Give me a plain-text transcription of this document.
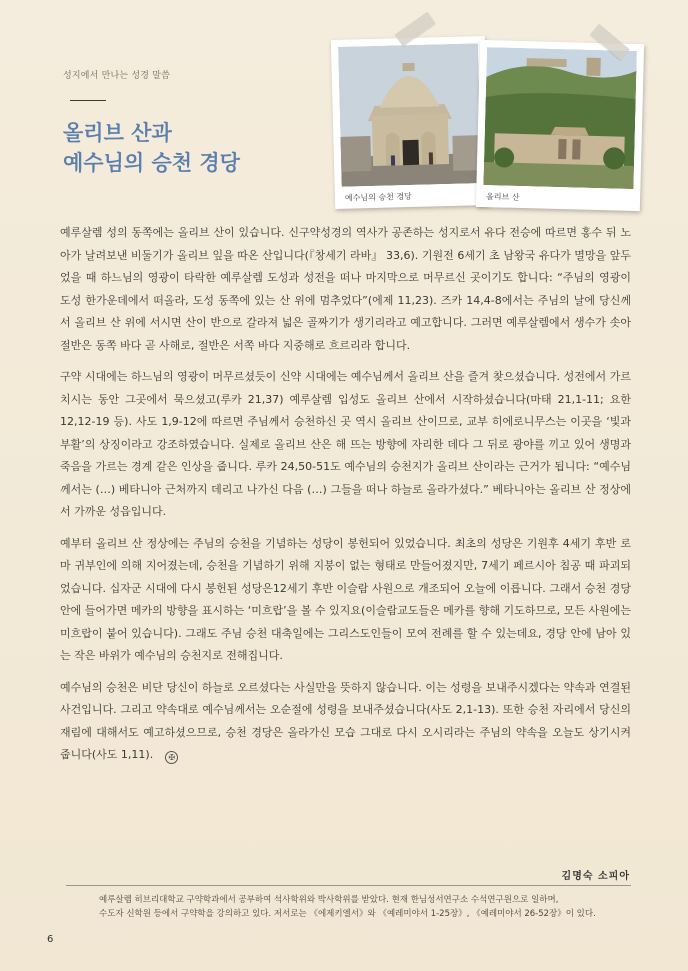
성지에서 만나는 성경 말씀
올리브 산과
예수님의 승천 경당
예수님의 승천 경당	올리브 산

예루살렘 성의 동쪽에는 올리브 산이 있습니다. 신구약성경의 역사가 공존하는 성지로서 유다 전승에 따르면 홍수 뒤 노아가 날려보낸 비둘기가 올리브 잎을 따온 산입니다(『창세기 라바』 33,6). 기원전 6세기 초 남왕국 유다가 멸망을 앞두었을 때 하느님의 영광이 타락한 예루살렘 도성과 성전을 떠나 마지막으로 머무르신 곳이기도 합니다: “주님의 영광이 도성 한가운데에서 떠올라, 도성 동쪽에 있는 산 위에 멈추었다”(에제 11,23). 즈카 14,4-8에서는 주님의 날에 당신께서 올리브 산 위에 서시면 산이 반으로 갈라져 넓은 골짜기가 생기리라고 예고합니다. 그러면 예루살렘에서 생수가 솟아 절반은 동쪽 바다 곧 사해로, 절반은 서쪽 바다 지중해로 흐르리라 합니다.

구약 시대에는 하느님의 영광이 머무르셨듯이 신약 시대에는 예수님께서 올리브 산을 즐겨 찾으셨습니다. 성전에서 가르치시는 동안 그곳에서 묵으셨고(루카 21,37) 예루살렘 입성도 올리브 산에서 시작하셨습니다(마태 21,1-11; 요한 12,12-19 등). 사도 1,9-12에 따르면 주님께서 승천하신 곳 역시 올리브 산이므로, 교부 히에로니무스는 이곳을 ‘빛과 부활’의 상징이라고 강조하였습니다. 실제로 올리브 산은 해 뜨는 방향에 자리한 데다 그 뒤로 광야를 끼고 있어 생명과 죽음을 가르는 경계 같은 인상을 줍니다. 루카 24,50-51도 예수님의 승천지가 올리브 산이라는 근거가 됩니다: “예수님께서는 (…) 베타니아 근처까지 데리고 나가신 다음 (…) 그들을 떠나 하늘로 올라가셨다.” 베타니아는 올리브 산 정상에서 가까운 성읍입니다.

예부터 올리브 산 정상에는 주님의 승천을 기념하는 성당이 봉헌되어 있었습니다. 최초의 성당은 기원후 4세기 후반 로마 귀부인에 의해 지어졌는데, 승천을 기념하기 위해 지붕이 없는 형태로 만들어졌지만, 7세기 페르시아 침공 때 파괴되었습니다. 십자군 시대에 다시 봉헌된 성당은12세기 후반 이슬람 사원으로 개조되어 오늘에 이릅니다. 그래서 승천 경당 안에 들어가면 메카의 방향을 표시하는 ‘미흐랍’을 볼 수 있지요(이슬람교도들은 메카를 향해 기도하므로, 모든 사원에는 미흐랍이 붙어 있습니다). 그래도 주님 승천 대축일에는 그리스도인들이 모여 전례를 할 수 있는데요, 경당 안에 남아 있는 작은 바위가 예수님의 승천지로 전해집니다.

예수님의 승천은 비단 당신이 하늘로 오르셨다는 사실만을 뜻하지 않습니다. 이는 성령을 보내주시겠다는 약속과 연결된 사건입니다. 그리고 약속대로 예수님께서는 오순절에 성령을 보내주셨습니다(사도 2,1-13). 또한 승천 자리에서 당신의 재림에 대해서도 예고하셨으므로, 승천 경당은 올라가신 모습 그대로 다시 오시리라는 주님의 약속을 오늘도 상기시켜 줍니다(사도 1,11). ✠

김명숙 소피아
예루살렘 히브리대학교 구약학과에서 공부하여 석사학위와 박사학위를 받았다. 현재 한님성서연구소 수석연구원으로 일하며,
수도자 신학원 등에서 구약학을 강의하고 있다. 저서로는 《에제키엘서》와 《예레미야서 1-25장》, 《예레미야서 26-52장》이 있다.
6
